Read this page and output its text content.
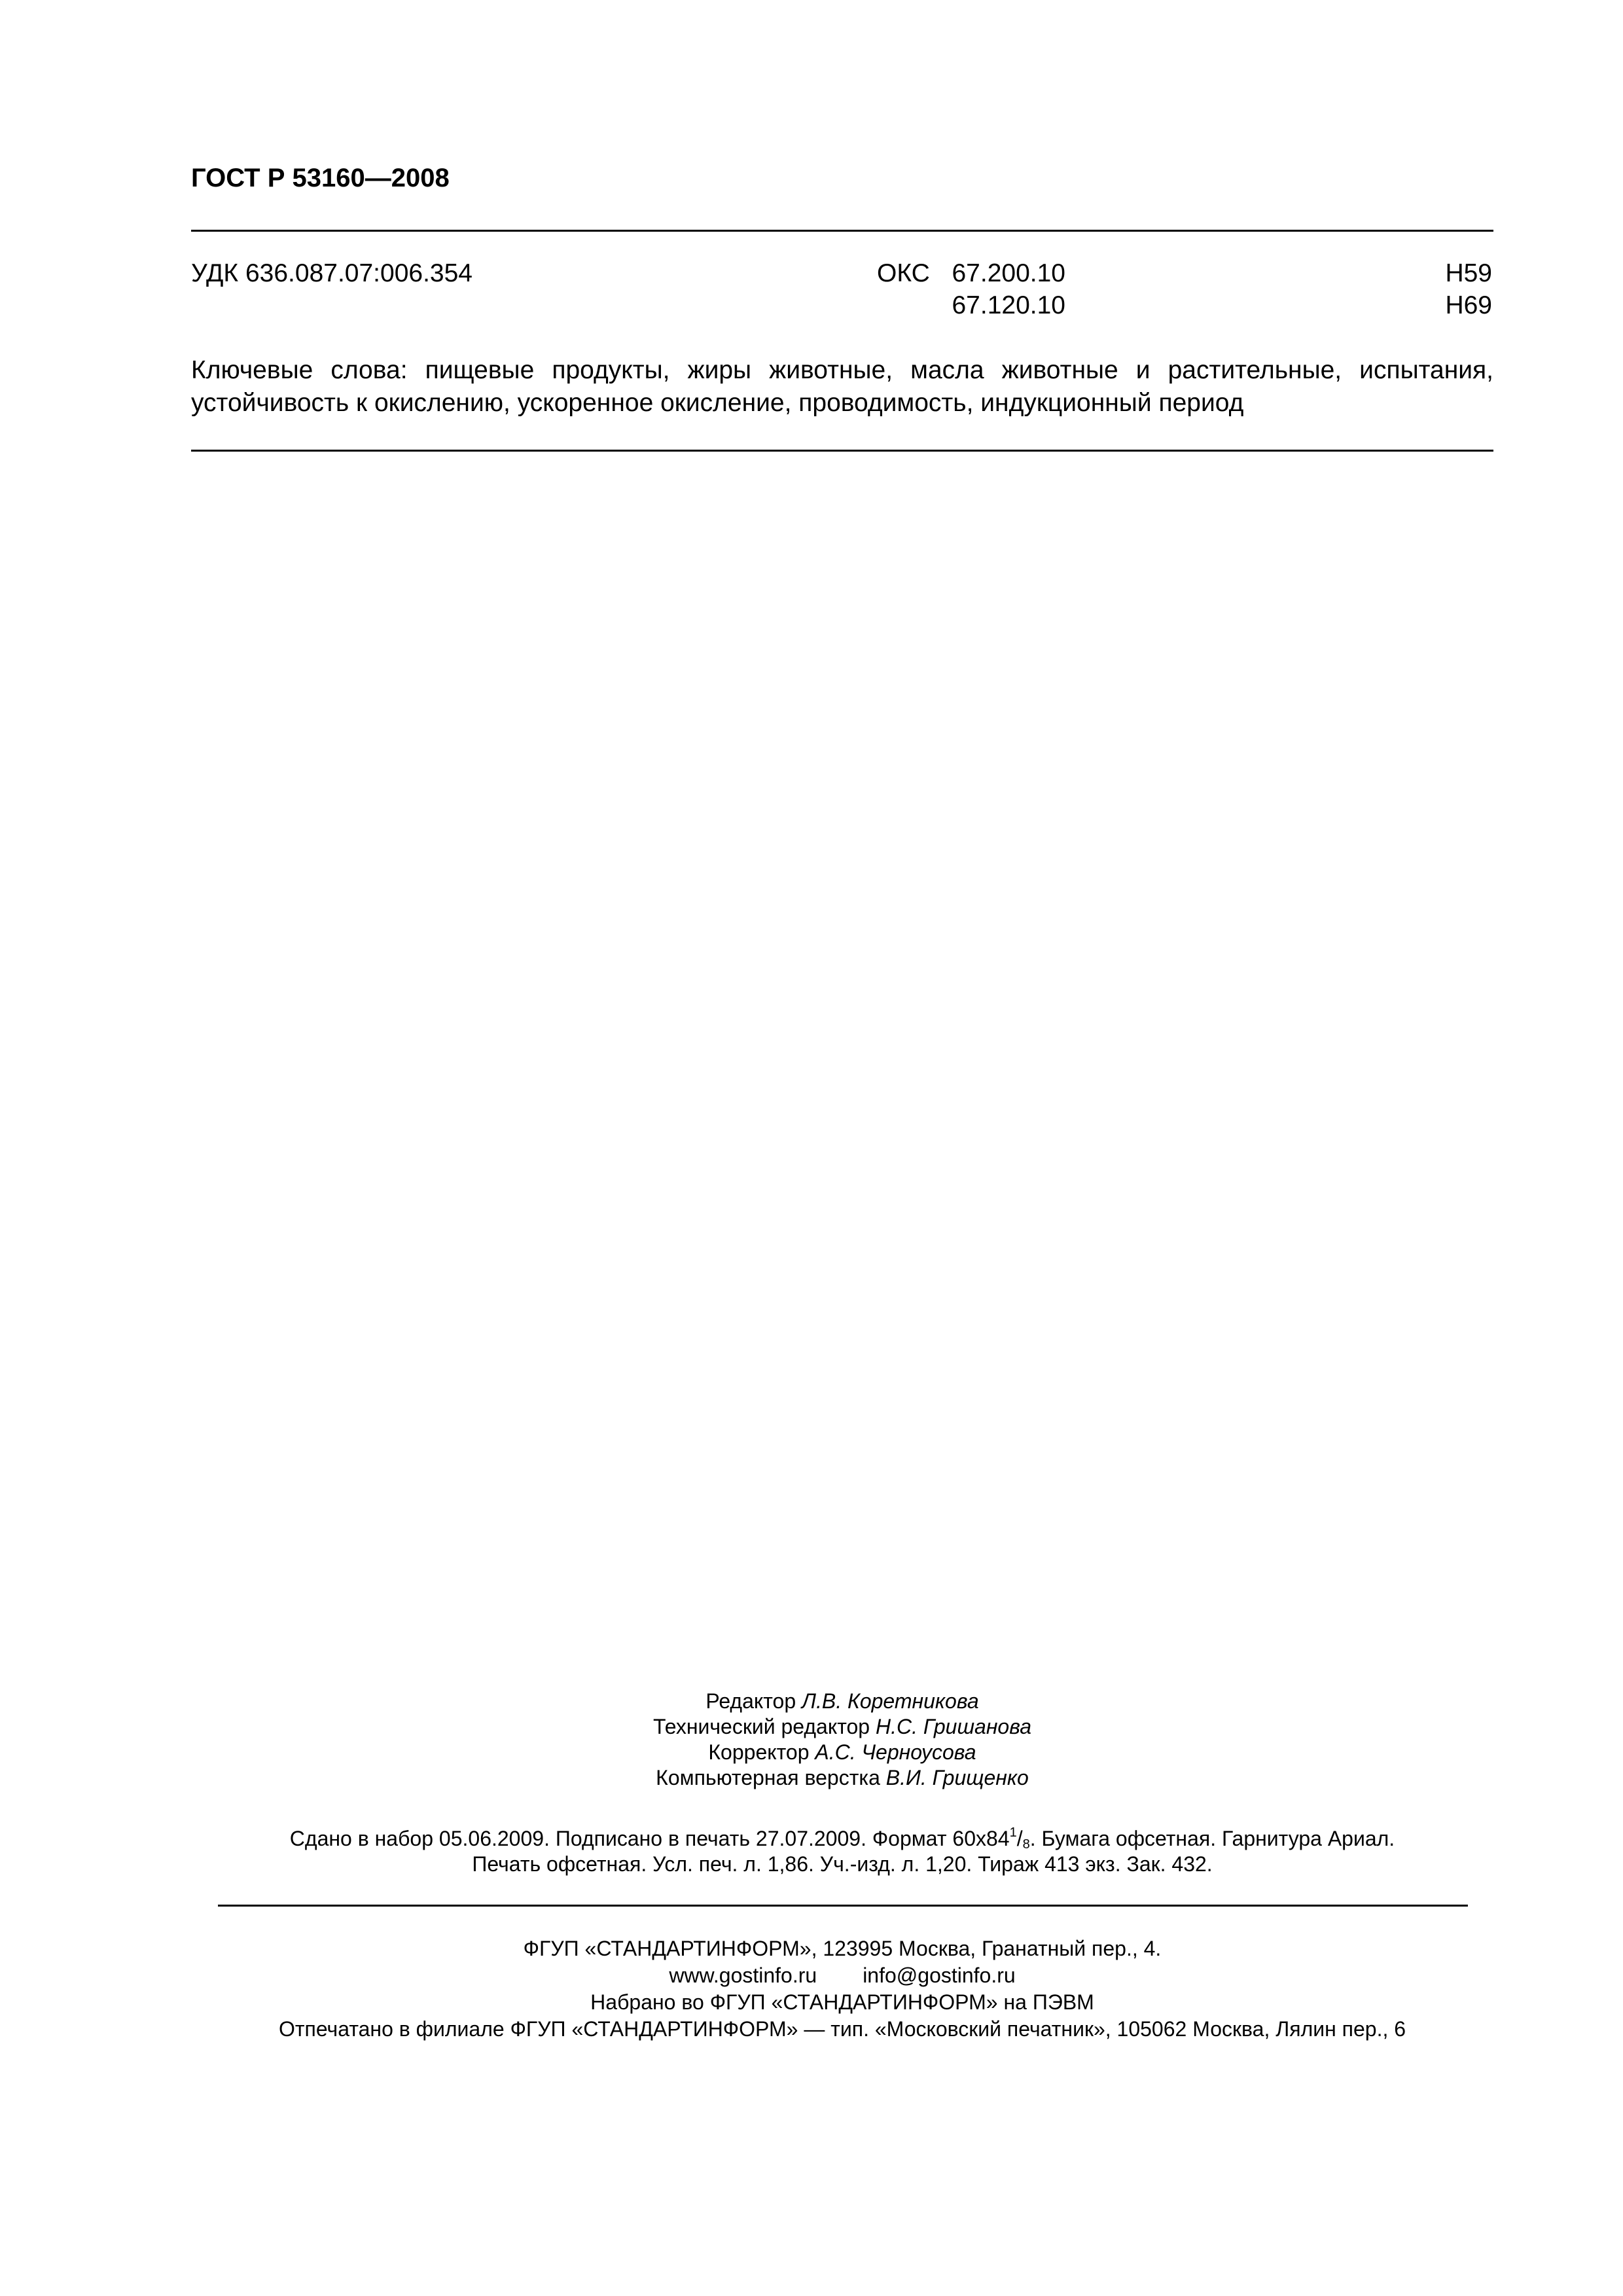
ГОСТ Р 53160—2008
УДК 636.087.07:006.354	ОКС 67.200.10
67.120.10
Н59
Н69
Ключевые слова: пищевые продукты, жиры животные, масла животные и растительные, испытания,
устойчивость к окислению, ускоренное окисление, проводимость, индукционный период
Редактор Л.В. Коретникова
Технический редактор Н.С. Гришанова
Корректор А.С. Черноусова
Компьютерная верстка В.И. Грищенко
Сдано в набор 05.06.2009. Подписано в печать 27.07.2009. Формат $60х84^1/_8$. Бумага офсетная. Гарнитура Ариал.
Печать офсетная. Усл. печ. л. 1,86. Уч.-изд. л. 1,20. Тираж 413 экз. Зак. 432.
ФГУП «СТАНДАРТИНФОРМ», 123995 Москва, Гранатный пер., 4.
www.gostinfo.ru info@gostinfo.ru
Набрано во ФГУП «СТАНДАРТИНФОРМ» на ПЭВМ
Отпечатано в филиале ФГУП «СТАНДАРТИНФОРМ» — тип. «Московский печатник», 105062 Москва, Лялин пер., 6
